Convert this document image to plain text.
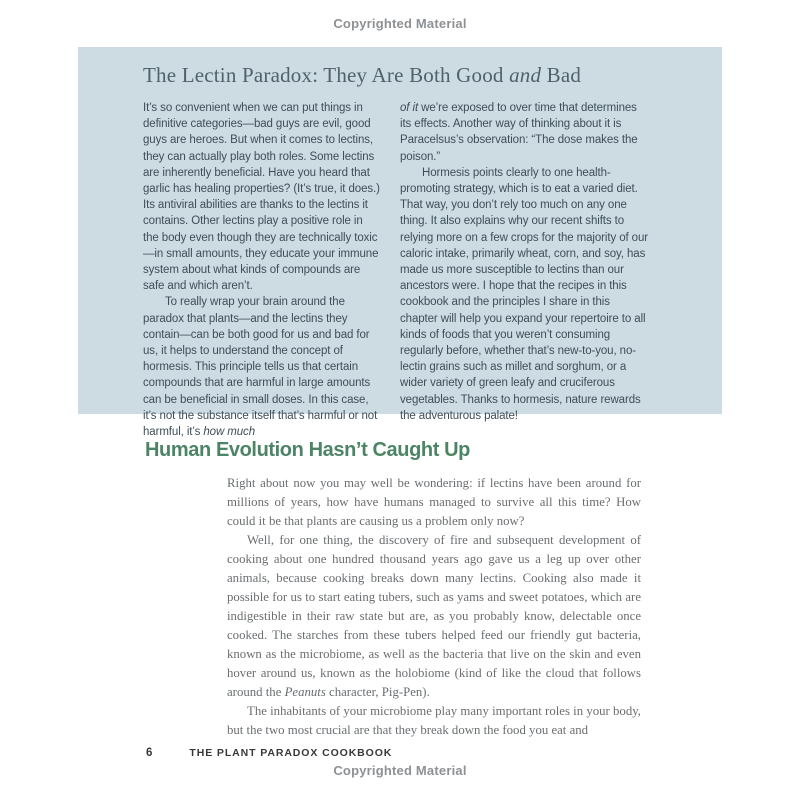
Copyrighted Material
The Lectin Paradox: They Are Both Good and Bad

It’s so convenient when we can put things in definitive categories—bad guys are evil, good guys are heroes. But when it comes to lectins, they can actually play both roles. Some lectins are inherently beneficial. Have you heard that garlic has healing properties? (It’s true, it does.) Its antiviral abilities are thanks to the lectins it contains. Other lectins play a positive role in the body even though they are technically toxic—in small amounts, they educate your immune system about what kinds of compounds are safe and which aren’t.

To really wrap your brain around the paradox that plants—and the lectins they contain—can be both good for us and bad for us, it helps to understand the concept of hormesis. This principle tells us that certain compounds that are harmful in large amounts can be beneficial in small doses. In this case, it’s not the substance itself that’s harmful or not harmful, it’s how much

of it we’re exposed to over time that determines its effects. Another way of thinking about it is Paracelsus’s observation: “The dose makes the poison.”

Hormesis points clearly to one health-promoting strategy, which is to eat a varied diet. That way, you don’t rely too much on any one thing. It also explains why our recent shifts to relying more on a few crops for the majority of our caloric intake, primarily wheat, corn, and soy, has made us more susceptible to lectins than our ancestors were. I hope that the recipes in this cookbook and the principles I share in this chapter will help you expand your repertoire to all kinds of foods that you weren’t consuming regularly before, whether that’s new-to-you, no-lectin grains such as millet and sorghum, or a wider variety of green leafy and cruciferous vegetables. Thanks to hormesis, nature rewards the adventurous palate!

Human Evolution Hasn’t Caught Up

Right about now you may well be wondering: if lectins have been around for millions of years, how have humans managed to survive all this time? How could it be that plants are causing us a problem only now?

Well, for one thing, the discovery of fire and subsequent development of cooking about one hundred thousand years ago gave us a leg up over other animals, because cooking breaks down many lectins. Cooking also made it possible for us to start eating tubers, such as yams and sweet potatoes, which are indigestible in their raw state but are, as you probably know, delectable once cooked. The starches from these tubers helped feed our friendly gut bacteria, known as the microbiome, as well as the bacteria that live on the skin and even hover around us, known as the holobiome (kind of like the cloud that follows around the Peanuts character, Pig-Pen).

The inhabitants of your microbiome play many important roles in your body, but the two most crucial are that they break down the food you eat and

6	THE PLANT PARADOX COOKBOOK
Copyrighted Material
